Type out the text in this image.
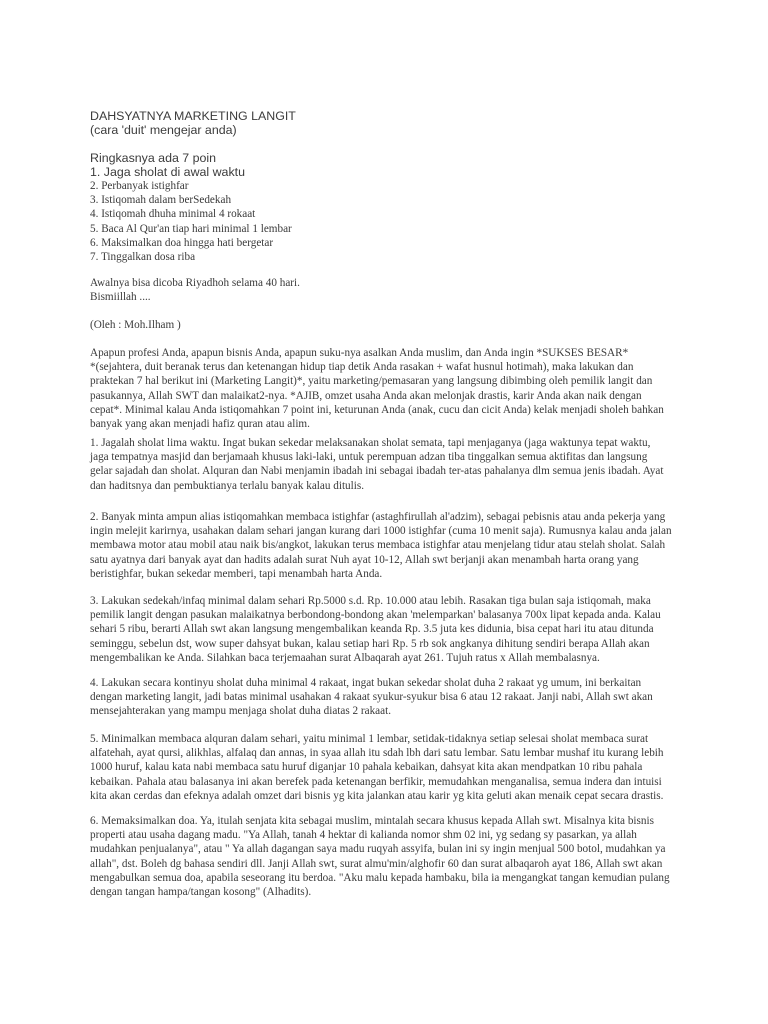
DAHSYATNYA MARKETING LANGIT
(cara 'duit' mengejar anda)
Ringkasnya ada 7 poin
1. Jaga sholat di awal waktu
2. Perbanyak istighfar
3. Istiqomah dalam berSedekah
4. Istiqomah dhuha minimal 4 rokaat
5. Baca Al Qur'an tiap hari minimal 1 lembar
6. Maksimalkan doa hingga hati bergetar
7. Tinggalkan dosa riba
Awalnya bisa dicoba Riyadhoh selama 40 hari.
Bismiillah ....
(Oleh : Moh.Ilham )
Apapun profesi Anda, apapun bisnis Anda, apapun suku-nya asalkan Anda muslim, dan Anda ingin *SUKSES BESAR*
*(sejahtera, duit beranak terus dan ketenangan hidup tiap detik Anda rasakan + wafat husnul hotimah), maka lakukan dan
praktekan 7 hal berikut ini (Marketing Langit)*, yaitu marketing/pemasaran yang langsung dibimbing oleh pemilik langit dan
pasukannya, Allah SWT dan malaikat2-nya. *AJIB, omzet usaha Anda akan melonjak drastis, karir Anda akan naik dengan
cepat*. Minimal kalau Anda istiqomahkan 7 point ini, keturunan Anda (anak, cucu dan cicit Anda) kelak menjadi sholeh bahkan
banyak yang akan menjadi hafiz quran atau alim.
1. Jagalah sholat lima waktu. Ingat bukan sekedar melaksanakan sholat semata, tapi menjaganya (jaga waktunya tepat waktu,
jaga tempatnya masjid dan berjamaah khusus laki-laki, untuk perempuan adzan tiba tinggalkan semua aktifitas dan langsung
gelar sajadah dan sholat. Alquran dan Nabi menjamin ibadah ini sebagai ibadah ter-atas pahalanya dlm semua jenis ibadah. Ayat
dan haditsnya dan pembuktianya terlalu banyak kalau ditulis.
2. Banyak minta ampun alias istiqomahkan membaca istighfar (astaghfirullah al'adzim), sebagai pebisnis atau anda pekerja yang
ingin melejit karirnya, usahakan dalam sehari jangan kurang dari 1000 istighfar (cuma 10 menit saja). Rumusnya kalau anda jalan
membawa motor atau mobil atau naik bis/angkot, lakukan terus membaca istighfar atau menjelang tidur atau stelah sholat. Salah
satu ayatnya dari banyak ayat dan hadits adalah surat Nuh ayat 10-12, Allah swt berjanji akan menambah harta orang yang
beristighfar, bukan sekedar memberi, tapi menambah harta Anda.
3. Lakukan sedekah/infaq minimal dalam sehari Rp.5000 s.d. Rp. 10.000 atau lebih. Rasakan tiga bulan saja istiqomah, maka
pemilik langit dengan pasukan malaikatnya berbondong-bondong akan 'melemparkan' balasanya 700x lipat kepada anda. Kalau
sehari 5 ribu, berarti Allah swt akan langsung mengembalikan keanda Rp. 3.5 juta kes didunia, bisa cepat hari itu atau ditunda
seminggu, sebelun dst, wow super dahsyat bukan, kalau setiap hari Rp. 5 rb sok angkanya dihitung sendiri berapa Allah akan
mengembalikan ke Anda. Silahkan baca terjemaahan surat Albaqarah ayat 261. Tujuh ratus x Allah membalasnya.
4. Lakukan secara kontinyu sholat duha minimal 4 rakaat, ingat bukan sekedar sholat duha 2 rakaat yg umum, ini berkaitan
dengan marketing langit, jadi batas minimal usahakan 4 rakaat syukur-syukur bisa 6 atau 12 rakaat. Janji nabi, Allah swt akan
mensejahterakan yang mampu menjaga sholat duha diatas 2 rakaat.
5. Minimalkan membaca alquran dalam sehari, yaitu minimal 1 lembar, setidak-tidaknya setiap selesai sholat membaca surat
alfatehah, ayat qursi, alikhlas, alfalaq dan annas, in syaa allah itu sdah lbh dari satu lembar. Satu lembar mushaf itu kurang lebih
1000 huruf, kalau kata nabi membaca satu huruf diganjar 10 pahala kebaikan, dahsyat kita akan mendpatkan 10 ribu pahala
kebaikan. Pahala atau balasanya ini akan berefek pada ketenangan berfikir, memudahkan menganalisa, semua indera dan intuisi
kita akan cerdas dan efeknya adalah omzet dari bisnis yg kita jalankan atau karir yg kita geluti akan menaik cepat secara drastis.
6. Memaksimalkan doa. Ya, itulah senjata kita sebagai muslim, mintalah secara khusus kepada Allah swt. Misalnya kita bisnis
properti atau usaha dagang madu. "Ya Allah, tanah 4 hektar di kalianda nomor shm 02 ini, yg sedang sy pasarkan, ya allah
mudahkan penjualanya", atau " Ya allah dagangan saya madu ruqyah assyifa, bulan ini sy ingin menjual 500 botol, mudahkan ya
allah", dst. Boleh dg bahasa sendiri dll. Janji Allah swt, surat almu'min/alghofir 60 dan surat albaqaroh ayat 186, Allah swt akan
mengabulkan semua doa, apabila seseorang itu berdoa. "Aku malu kepada hambaku, bila ia mengangkat tangan kemudian pulang
dengan tangan hampa/tangan kosong" (Alhadits).
